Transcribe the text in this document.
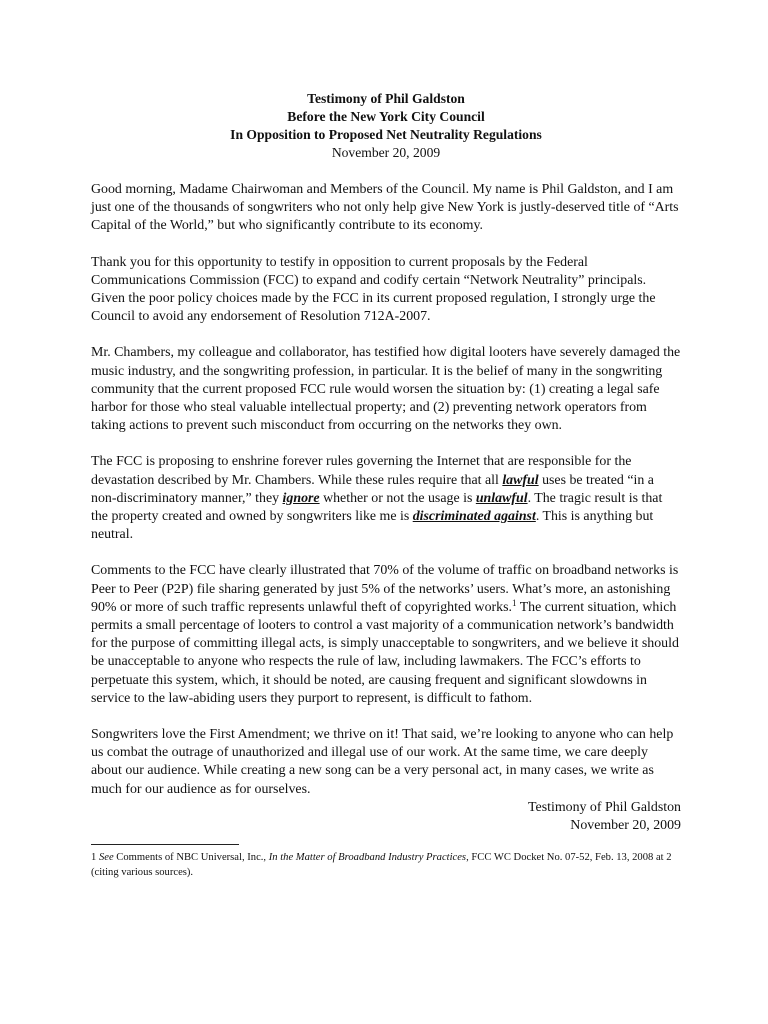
Testimony of Phil Galdston

Before the New York City Council

In Opposition to Proposed Net Neutrality Regulations

November 20, 2009

Good morning, Madame Chairwoman and Members of the Council. My name is Phil Galdston, and I am just one of the thousands of songwriters who not only help give New York is justly-deserved title of “Arts Capital of the World,” but who significantly contribute to its economy.

Thank you for this opportunity to testify in opposition to current proposals by the Federal Communications Commission (FCC) to expand and codify certain “Network Neutrality” principals. Given the poor policy choices made by the FCC in its current proposed regulation, I strongly urge the Council to avoid any endorsement of Resolution 712A-2007.

Mr. Chambers, my colleague and collaborator, has testified how digital looters have severely damaged the music industry, and the songwriting profession, in particular. It is the belief of many in the songwriting community that the current proposed FCC rule would worsen the situation by: (1) creating a legal safe harbor for those who steal valuable intellectual property; and (2) preventing network operators from taking actions to prevent such misconduct from occurring on the networks they own.

The FCC is proposing to enshrine forever rules governing the Internet that are responsible for the devastation described by Mr. Chambers. While these rules require that all lawful uses be treated “in a non-discriminatory manner,” they ignore whether or not the usage is unlawful. The tragic result is that the property created and owned by songwriters like me is discriminated against. This is anything but neutral.

Comments to the FCC have clearly illustrated that 70% of the volume of traffic on broadband networks is Peer to Peer (P2P) file sharing generated by just 5% of the networks’ users. What’s more, an astonishing 90% or more of such traffic represents unlawful theft of copyrighted works.$^1$ The current situation, which permits a small percentage of looters to control a vast majority of a communication network’s bandwidth for the purpose of committing illegal acts, is simply unacceptable to songwriters, and we believe it should be unacceptable to anyone who respects the rule of law, including lawmakers. The FCC’s efforts to perpetuate this system, which, it should be noted, are causing frequent and significant slowdowns in service to the law-abiding users they purport to represent, is difficult to fathom.

Songwriters love the First Amendment; we thrive on it! That said, we’re looking to anyone who can help us combat the outrage of unauthorized and illegal use of our work. At the same time, we care deeply about our audience. While creating a new song can be a very personal act, in many cases, we write as much for our audience as for ourselves.

Testimony of Phil Galdston

November 20, 2009

1 See Comments of NBC Universal, Inc., In the Matter of Broadband Industry Practices, FCC WC Docket No. 07-52, Feb. 13, 2008 at 2 (citing various sources).
